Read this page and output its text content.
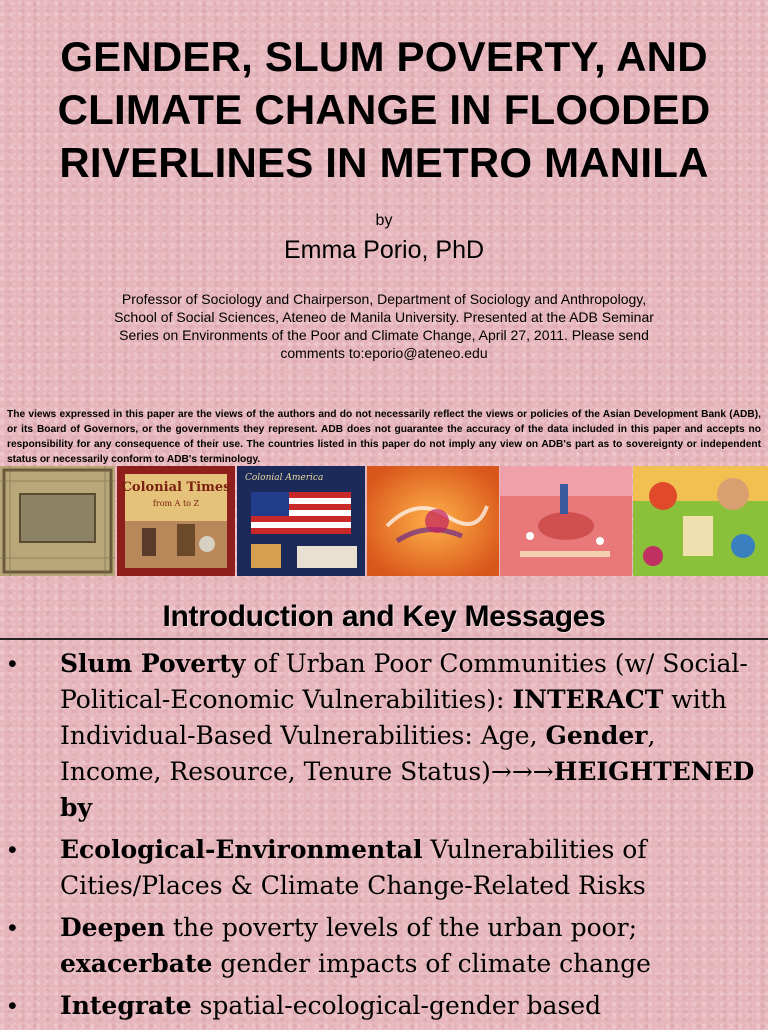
GENDER, SLUM POVERTY, AND
CLIMATE CHANGE IN FLOODED
RIVERLINES IN METRO MANILA
by
Emma Porio, PhD
Professor of Sociology and Chairperson, Department of Sociology and Anthropology,
School of Social Sciences, Ateneo de Manila University. Presented at the ADB Seminar
Series on Environments of the Poor and Climate Change, April 27, 2011. Please send
comments to:eporio@ateneo.edu
The views expressed in this paper are the views of the authors and do not necessarily reflect the views or policies of the Asian Development Bank (ADB), or its Board of Governors, or the governments they represent. ADB does not guarantee the accuracy of the data included in this paper and accepts no responsibility for any consequence of their use. The countries listed in this paper do not imply any view on ADB's part as to sovereignty or independent status or necessarily conform to ADB's terminology.
Colonial Times
from A to Z
Colonial America
Introduction and Key Messages
• Slum Poverty of Urban Poor Communities (w/ Social-Political-Economic Vulnerabilities): INTERACT with Individual-Based Vulnerabilities: Age, Gender, Income, Resource, Tenure Status)→→→HEIGHTENED by
• Ecological-Environmental Vulnerabilities of Cities/Places & Climate Change-Related Risks
• Deepen the poverty levels of the urban poor; exacerbate gender impacts of climate change
• Integrate spatial-ecological-gender based
